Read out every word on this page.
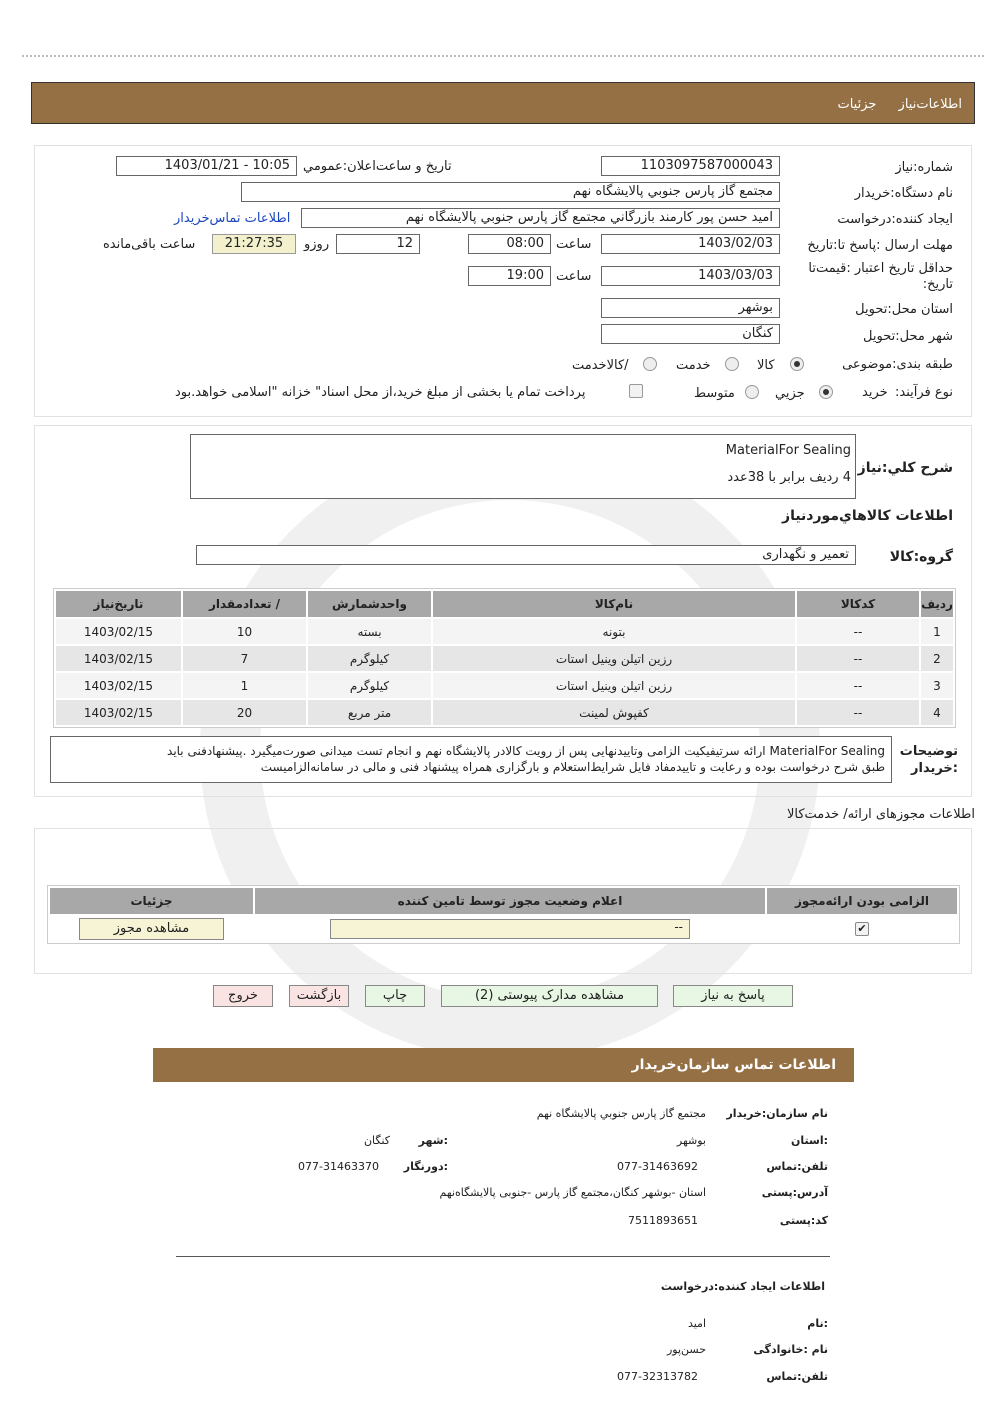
اطلاعات‌نیاز جزئیات
شماره:نیاز
1103097587000043
تاریخ و ساعت‌اعلان:عمومي
1403/01/21 - 10:05
نام دستگاه:خریدار
مجتمع گاز پارس جنوبي پالايشگاه نهم
ایجاد کننده:درخواست
اميد حسن پور کارمند بازرگاني مجتمع گاز پارس جنوبي پالايشگاه نهم
اطلاعات تماس‌خریدار
مهلت ارسال :پاسخ تا:تاریخ
1403/02/03
ساعت
08:00
12
روزو
21:27:35
ساعت باقی‌مانده
حداقل تاریخ اعتبار :قیمت‌تا تاریخ:
1403/03/03
ساعت
19:00
استان محل:تحویل
بوشهر
شهر محل:تحویل
کنگان
طبقه بندی:موضوعی
کالا
خدمت
/کالاخدمت
نوع فرآیند:
خرید
جزيي
متوسط
پرداخت تمام یا بخشی از مبلغ خرید،از محل اسناد" خزانه "اسلامی خواهد.بود
شرح کلي:نياز
MaterialFor Sealing
4 ردیف برابر با 38عدد
اطلاعات کالاهاي‌موردنياز
گروه:کالا
تعمیر و نگهداری
ردیف	کدکالا	نام‌کالا	واحدشمارش	/ تعدادمقدار	تاریخ‌نیاز
1	--	بتونه	بسته	10	1403/02/15
2	--	رزین اتیلن وینیل استات	کیلوگرم	7	1403/02/15
3	--	رزین اتیلن وینیل استات	کیلوگرم	1	1403/02/15
4	--	کفپوش لمینت	متر مربع	20	1403/02/15
توضیحات :خریدار
MaterialFor Sealing ارائه سرتیفیکیت الزامی وتاییدنهایی پس از رویت کالادر پالایشگاه نهم و انجام تست میدانی صورت‌میگیرد .پیشنهادفنی باید
طبق شرح درخواست بوده و رعایت و تاییدمفاد فایل شرایط‌استعلام و بارگزاری همراه پیشنهاد فنی و مالی در سامانه‌الزامیست
اطلاعات مجوزهای ارائه/ خدمت‌کالا
الزامی بودن ارائه‌مجوز	اعلام وضعیت مجوز توسط تامین کننده	جزئیات
✔	--	مشاهده مجوز
پاسخ به نیاز
مشاهده مدارک پیوستی (2)
چاپ
بازگشت
خروج
اطلاعات تماس سازمان‌خریدار
نام سازمان:خریدار
مجتمع گاز پارس جنوبي پالايشگاه نهم
:استان
بوشهر
:شهر
کنگان
تلفن:تماس
077-31463692
:دورنگار
077-31463370
آدرس:پستی
استان -بوشهر کنگان،مجتمع گاز پارس -جنوبی پالایشگاه‌نهم
کد:پستی
7511893651
اطلاعات ایجاد کننده:درخواست
:نام
امید
نام :خانوادگی
حسن‌پور
تلفن:تماس
077-32313782
